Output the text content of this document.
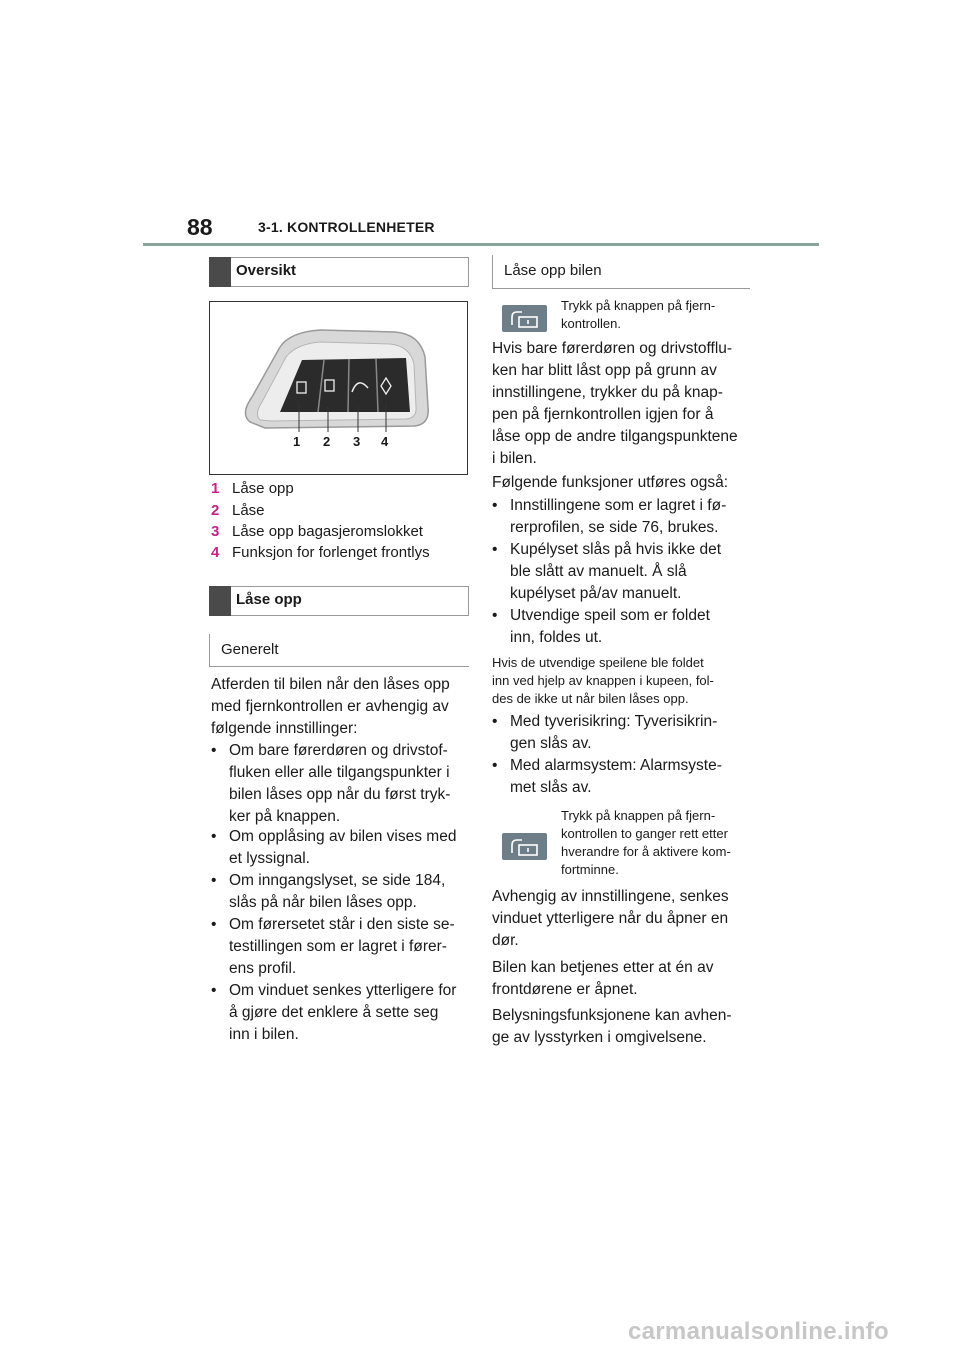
88	3-1. KONTROLLENHETER
Oversikt
1 2 3 4
1 Låse opp
2 Låse
3 Låse opp bagasjeromslokket
4 Funksjon for forlenget frontlys
Låse opp
Generelt
Atferden til bilen når den låses opp
med fjernkontrollen er avhengig av
følgende innstillinger:
• Om bare førerdøren og drivstof-
fluken eller alle tilgangspunkter i
bilen låses opp når du først tryk-
ker på knappen.
• Om opplåsing av bilen vises med
et lyssignal.
• Om inngangslyset, se side 184,
slås på når bilen låses opp.
• Om førersetet står i den siste se-
testillingen som er lagret i fører-
ens profil.
• Om vinduet senkes ytterligere for
å gjøre det enklere å sette seg
inn i bilen.
Låse opp bilen
Trykk på knappen på fjern-
kontrollen.
Hvis bare førerdøren og drivstofflu-
ken har blitt låst opp på grunn av
innstillingene, trykker du på knap-
pen på fjernkontrollen igjen for å
låse opp de andre tilgangspunktene
i bilen.
Følgende funksjoner utføres også:
• Innstillingene som er lagret i fø-
rerprofilen, se side 76, brukes.
• Kupélyset slås på hvis ikke det
ble slått av manuelt. Å slå
kupélyset på/av manuelt.
• Utvendige speil som er foldet
inn, foldes ut.
Hvis de utvendige speilene ble foldet
inn ved hjelp av knappen i kupeen, fol-
des de ikke ut når bilen låses opp.
• Med tyverisikring: Tyverisikrin-
gen slås av.
• Med alarmsystem: Alarmsyste-
met slås av.
Trykk på knappen på fjern-
kontrollen to ganger rett etter
hverandre for å aktivere kom-
fortminne.
Avhengig av innstillingene, senkes
vinduet ytterligere når du åpner en
dør.
Bilen kan betjenes etter at én av
frontdørene er åpnet.
Belysningsfunksjonene kan avhen-
ge av lysstyrken i omgivelsene.
carmanualsonline.info
